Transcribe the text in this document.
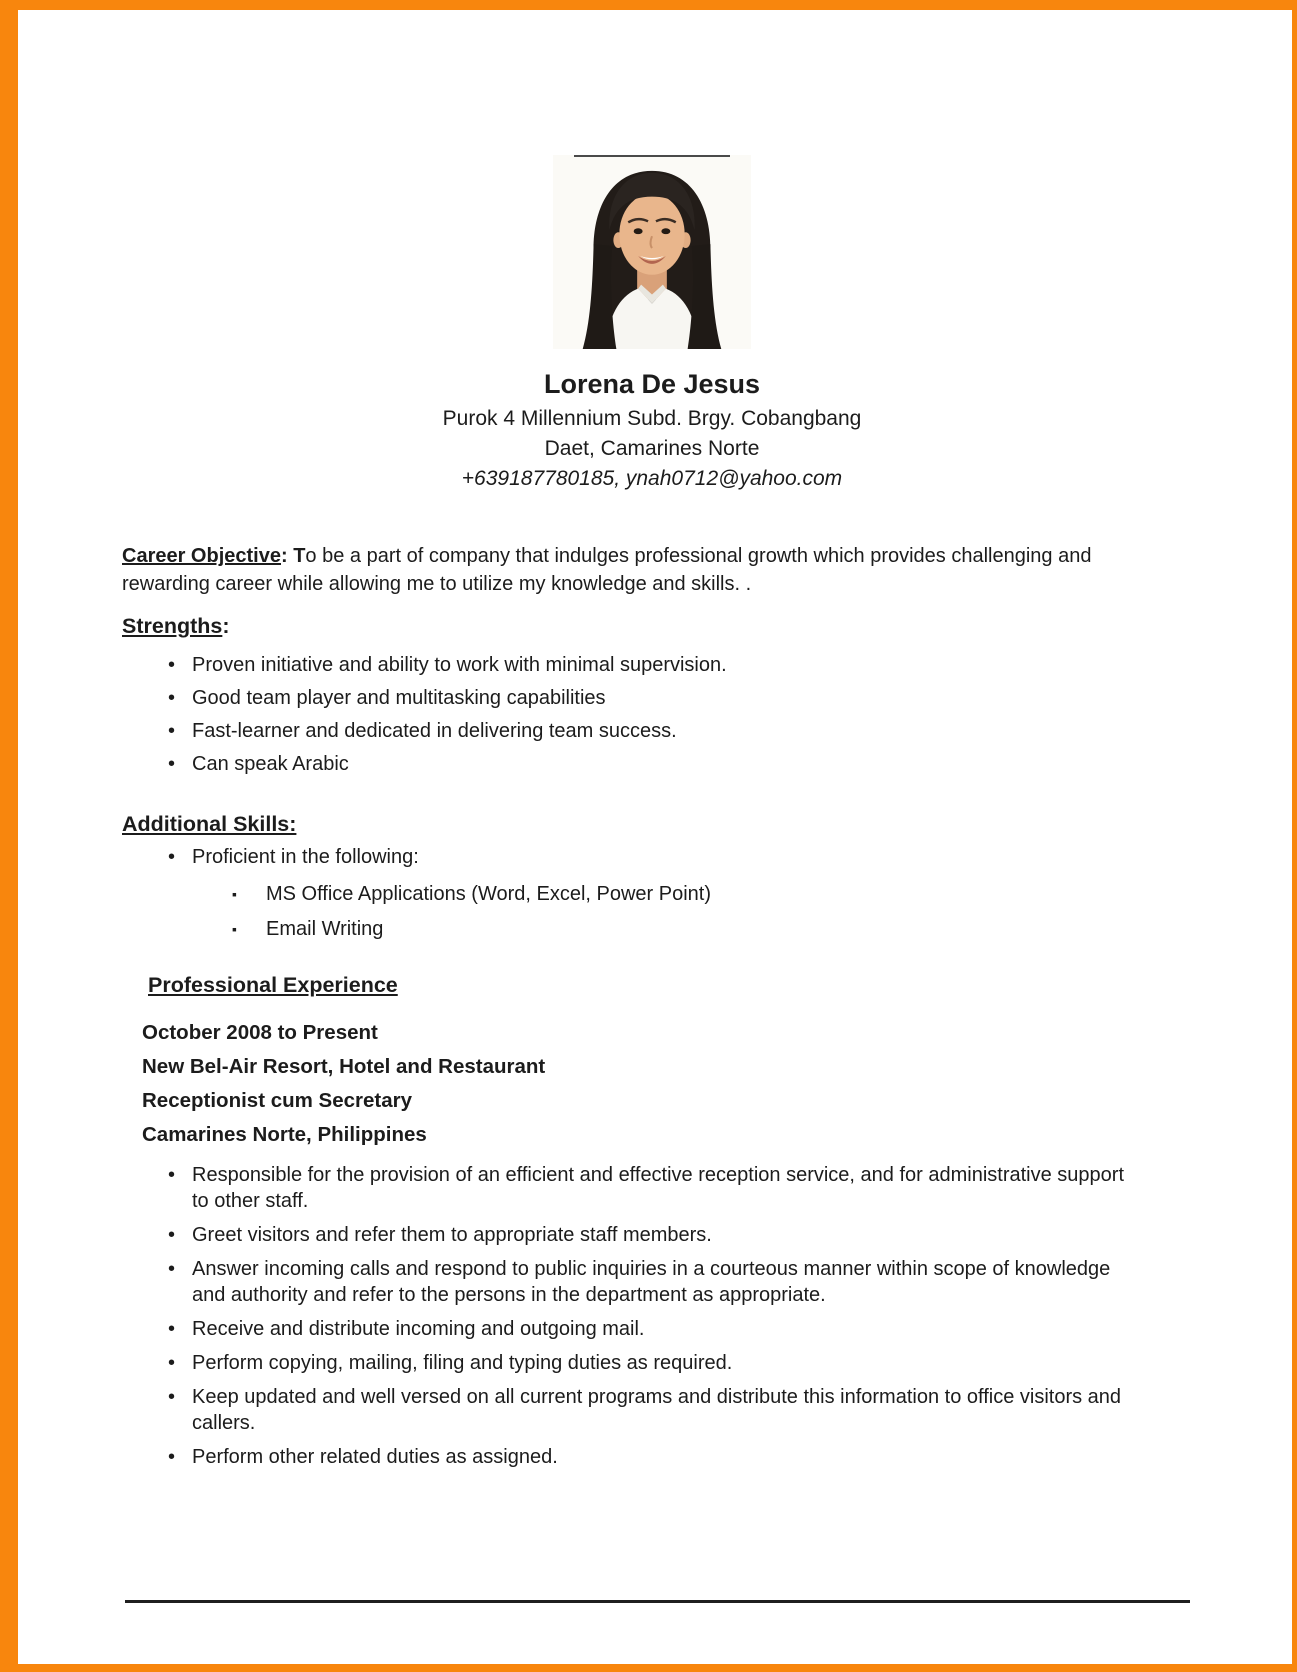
Lorena De Jesus
Purok 4 Millennium Subd. Brgy. Cobangbang
Daet, Camarines Norte
+639187780185, ynah0712@yahoo.com

Career Objective: To be a part of company that indulges professional growth which provides challenging and rewarding career while allowing me to utilize my knowledge and skills. .

Strengths:
• Proven initiative and ability to work with minimal supervision.
• Good team player and multitasking capabilities
• Fast-learner and dedicated in delivering team success.
• Can speak Arabic
Additional Skills:
• Proficient in the following:
▪ MS Office Applications (Word, Excel, Power Point)
▪ Email Writing
Professional Experience
October 2008 to Present
New Bel-Air Resort, Hotel and Restaurant
Receptionist cum Secretary
Camarines Norte, Philippines
• Responsible for the provision of an efficient and effective reception service, and for administrative support to other staff.
• Greet visitors and refer them to appropriate staff members.
• Answer incoming calls and respond to public inquiries in a courteous manner within scope of knowledge and authority and refer to the persons in the department as appropriate.
• Receive and distribute incoming and outgoing mail.
• Perform copying, mailing, filing and typing duties as required.
• Keep updated and well versed on all current programs and distribute this information to office visitors and callers.
• Perform other related duties as assigned.
